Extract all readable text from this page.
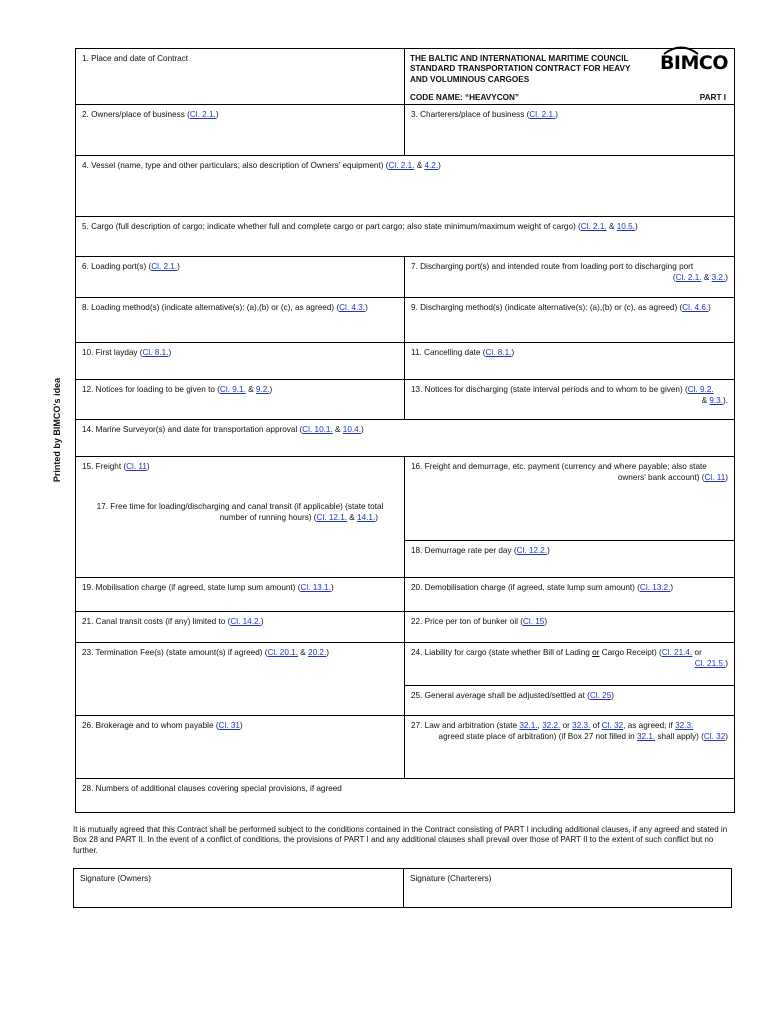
Printed by BIMCO's idea
1. Place and date of Contract	THE BALTIC AND INTERNATIONAL MARITIME COUNCIL
STANDARD TRANSPORTATION CONTRACT FOR HEAVY
AND VOLUMINOUS CARGOES
BIMCO
CODE NAME: “HEAVYCON”	PART I
2. Owners/place of business (Cl. 2.1.)	3. Charterers/place of business (Cl. 2.1.)
4. Vessel (name, type and other particulars; also description of Owners' equipment) (Cl. 2.1. & 4.2.)
5. Cargo (full description of cargo; indicate whether full and complete cargo or part cargo; also state minimum/maximum weight of cargo) (Cl. 2.1. & 10.5.)
6. Loading port(s) (Cl. 2.1.)	7. Discharging port(s) and intended route from loading port to discharging port
(Cl. 2.1. & 3.2.)
8. Loading method(s) (indicate alternative(s): (a),(b) or (c), as agreed) (Cl. 4.3.)	9. Discharging method(s) (indicate alternative(s): (a),(b) or (c), as agreed) (Cl. 4.6.)
10. First layday (Cl. 8.1.)	11. Cancelling date (Cl. 8.1.)
12. Notices for loading to be given to (Cl. 9.1. & 9.2.)	13. Notices for discharging (state interval periods and to whom to be given) (Cl. 9.2.
& 9.3.).
14. Marine Surveyor(s) and date for transportation approval (Cl. 10.1. & 10.4.)
15. Freight (Cl. 11)
17. Free time for loading/discharging and canal transit (if applicable) (state total
number of running hours) (Cl. 12.1. & 14.1.)
16. Freight and demurrage, etc. payment (currency and where payable; also state
owners' bank account) (Cl. 11)
18. Demurrage rate per day (Cl. 12.2.)
19. Mobilisation charge (if agreed, state lump sum amount) (Cl. 13.1.)	20. Demobilisation charge (if agreed, state lump sum amount) (Cl. 13.2.)
21. Canal transit costs (if any) limited to (Cl. 14.2.)	22. Price per ton of bunker oil (Cl. 15)
23. Termination Fee(s) (state amount(s) if agreed) (Cl. 20.1. & 20.2.)	24. Liability for cargo (state whether Bill of Lading or Cargo Receipt) (Cl. 21.4. or
Cl. 21.5.)
25. General average shall be adjusted/settled at (Cl. 25)
26. Brokerage and to whom payable (Cl. 31)	27. Law and arbitration (state 32.1., 32.2. or 32.3. of Cl. 32, as agreed; if 32.3.
agreed state place of arbitration) (if Box 27 not filled in 32.1. shall apply) (Cl. 32)
28. Numbers of additional clauses covering special provisions, if agreed
It is mutually agreed that this Contract shall be performed subject to the conditions contained in the Contract consisting of PART I including additional clauses, if any agreed and stated in Box 28 and PART II. In the event of a conflict of conditions, the provisions of PART I and any additional clauses shall prevail over those of PART II to the extent of such conflict but no further.
Signature (Owners)	Signature (Charterers)
